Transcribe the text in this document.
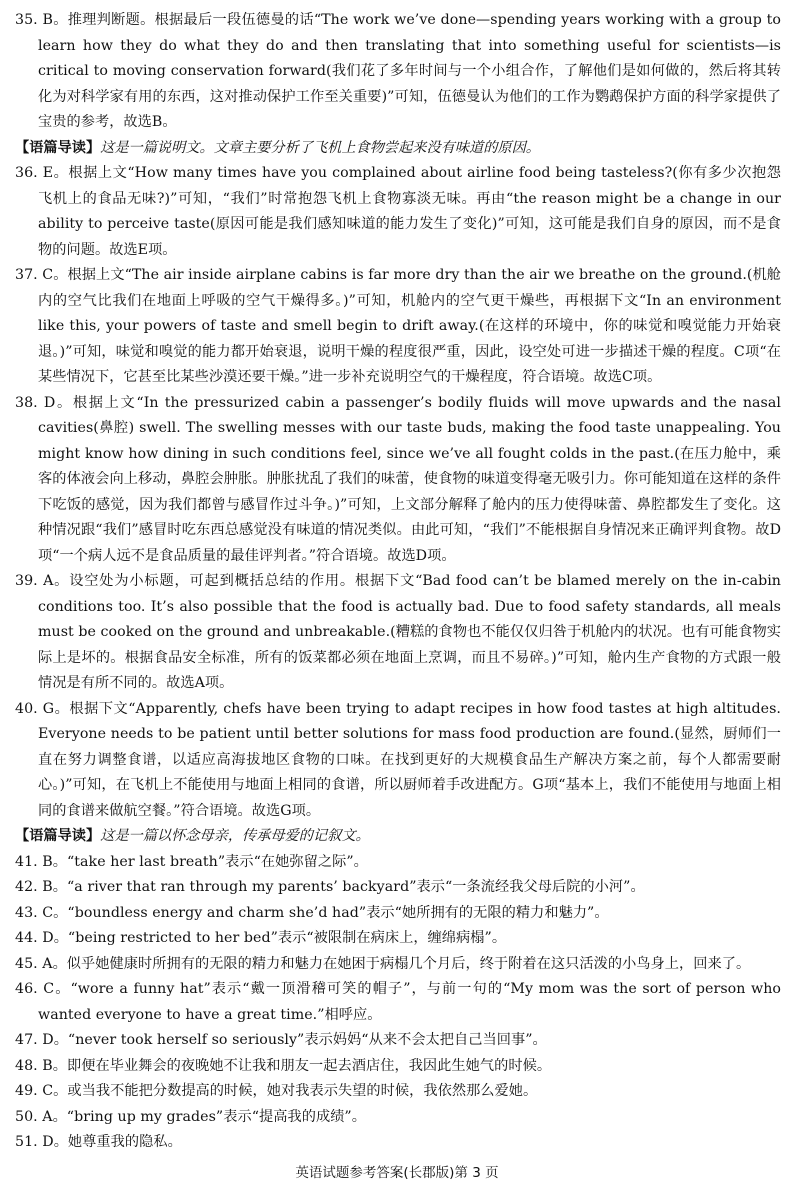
35. B。推理判断题。根据最后一段伍德曼的话“The work we’ve done—spending years working with a group to learn how they do what they do and then translating that into something useful for scientists—is critical to moving conservation forward(我们花了多年时间与一个小组合作，了解他们是如何做的，然后将其转化为对科学家有用的东西，这对推动保护工作至关重要)”可知，伍德曼认为他们的工作为鹦鹉保护方面的科学家提供了宝贵的参考，故选B。

【语篇导读】这是一篇说明文。文章主要分析了飞机上食物尝起来没有味道的原因。

36. E。根据上文“How many times have you complained about airline food being tasteless?(你有多少次抱怨飞机上的食品无味?)”可知，“我们”时常抱怨飞机上食物寡淡无味。再由“the reason might be a change in our ability to perceive taste(原因可能是我们感知味道的能力发生了变化)”可知，这可能是我们自身的原因，而不是食物的问题。故选E项。

37. C。根据上文“The air inside airplane cabins is far more dry than the air we breathe on the ground.(机舱内的空气比我们在地面上呼吸的空气干燥得多。)”可知，机舱内的空气更干燥些，再根据下文“In an environment like this, your powers of taste and smell begin to drift away.(在这样的环境中，你的味觉和嗅觉能力开始衰退。)”可知，味觉和嗅觉的能力都开始衰退，说明干燥的程度很严重，因此，设空处可进一步描述干燥的程度。C项“在某些情况下，它甚至比某些沙漠还要干燥。”进一步补充说明空气的干燥程度，符合语境。故选C项。

38. D。根据上文“In the pressurized cabin a passenger’s bodily fluids will move upwards and the nasal cavities(鼻腔) swell. The swelling messes with our taste buds, making the food taste unappealing. You might know how dining in such conditions feel, since we’ve all fought colds in the past.(在压力舱中，乘客的体液会向上移动，鼻腔会肿胀。肿胀扰乱了我们的味蕾，使食物的味道变得毫无吸引力。你可能知道在这样的条件下吃饭的感觉，因为我们都曾与感冒作过斗争。)”可知，上文部分解释了舱内的压力使得味蕾、鼻腔都发生了变化。这种情况跟“我们”感冒时吃东西总感觉没有味道的情况类似。由此可知，“我们”不能根据自身情况来正确评判食物。故D项“一个病人远不是食品质量的最佳评判者。”符合语境。故选D项。

39. A。设空处为小标题，可起到概括总结的作用。根据下文“Bad food can’t be blamed merely on the in-cabin conditions too. It’s also possible that the food is actually bad. Due to food safety standards, all meals must be cooked on the ground and unbreakable.(糟糕的食物也不能仅仅归咎于机舱内的状况。也有可能食物实际上是坏的。根据食品安全标准，所有的饭菜都必须在地面上烹调，而且不易碎。)”可知，舱内生产食物的方式跟一般情况是有所不同的。故选A项。

40. G。根据下文“Apparently, chefs have been trying to adapt recipes in how food tastes at high altitudes. Everyone needs to be patient until better solutions for mass food production are found.(显然，厨师们一直在努力调整食谱，以适应高海拔地区食物的口味。在找到更好的大规模食品生产解决方案之前，每个人都需要耐心。)”可知，在飞机上不能使用与地面上相同的食谱，所以厨师着手改进配方。G项“基本上，我们不能使用与地面上相同的食谱来做航空餐。”符合语境。故选G项。

【语篇导读】这是一篇以怀念母亲，传承母爱的记叙文。

41. B。“take her last breath”表示“在她弥留之际”。

42. B。“a river that ran through my parents’ backyard”表示“一条流经我父母后院的小河”。

43. C。“boundless energy and charm she’d had”表示“她所拥有的无限的精力和魅力”。

44. D。“being restricted to her bed”表示“被限制在病床上，缠绵病榻”。

45. A。似乎她健康时所拥有的无限的精力和魅力在她困于病榻几个月后，终于附着在这只活泼的小鸟身上，回来了。

46. C。“wore a funny hat”表示“戴一顶滑稽可笑的帽子”，与前一句的“My mom was the sort of person who wanted everyone to have a great time.”相呼应。

47. D。“never took herself so seriously”表示妈妈“从来不会太把自己当回事”。

48. B。即便在毕业舞会的夜晚她不让我和朋友一起去酒店住，我因此生她气的时候。

49. C。或当我不能把分数提高的时候，她对我表示失望的时候，我依然那么爱她。

50. A。“bring up my grades”表示“提高我的成绩”。

51. D。她尊重我的隐私。

英语试题参考答案(长郡版)第 3 页
